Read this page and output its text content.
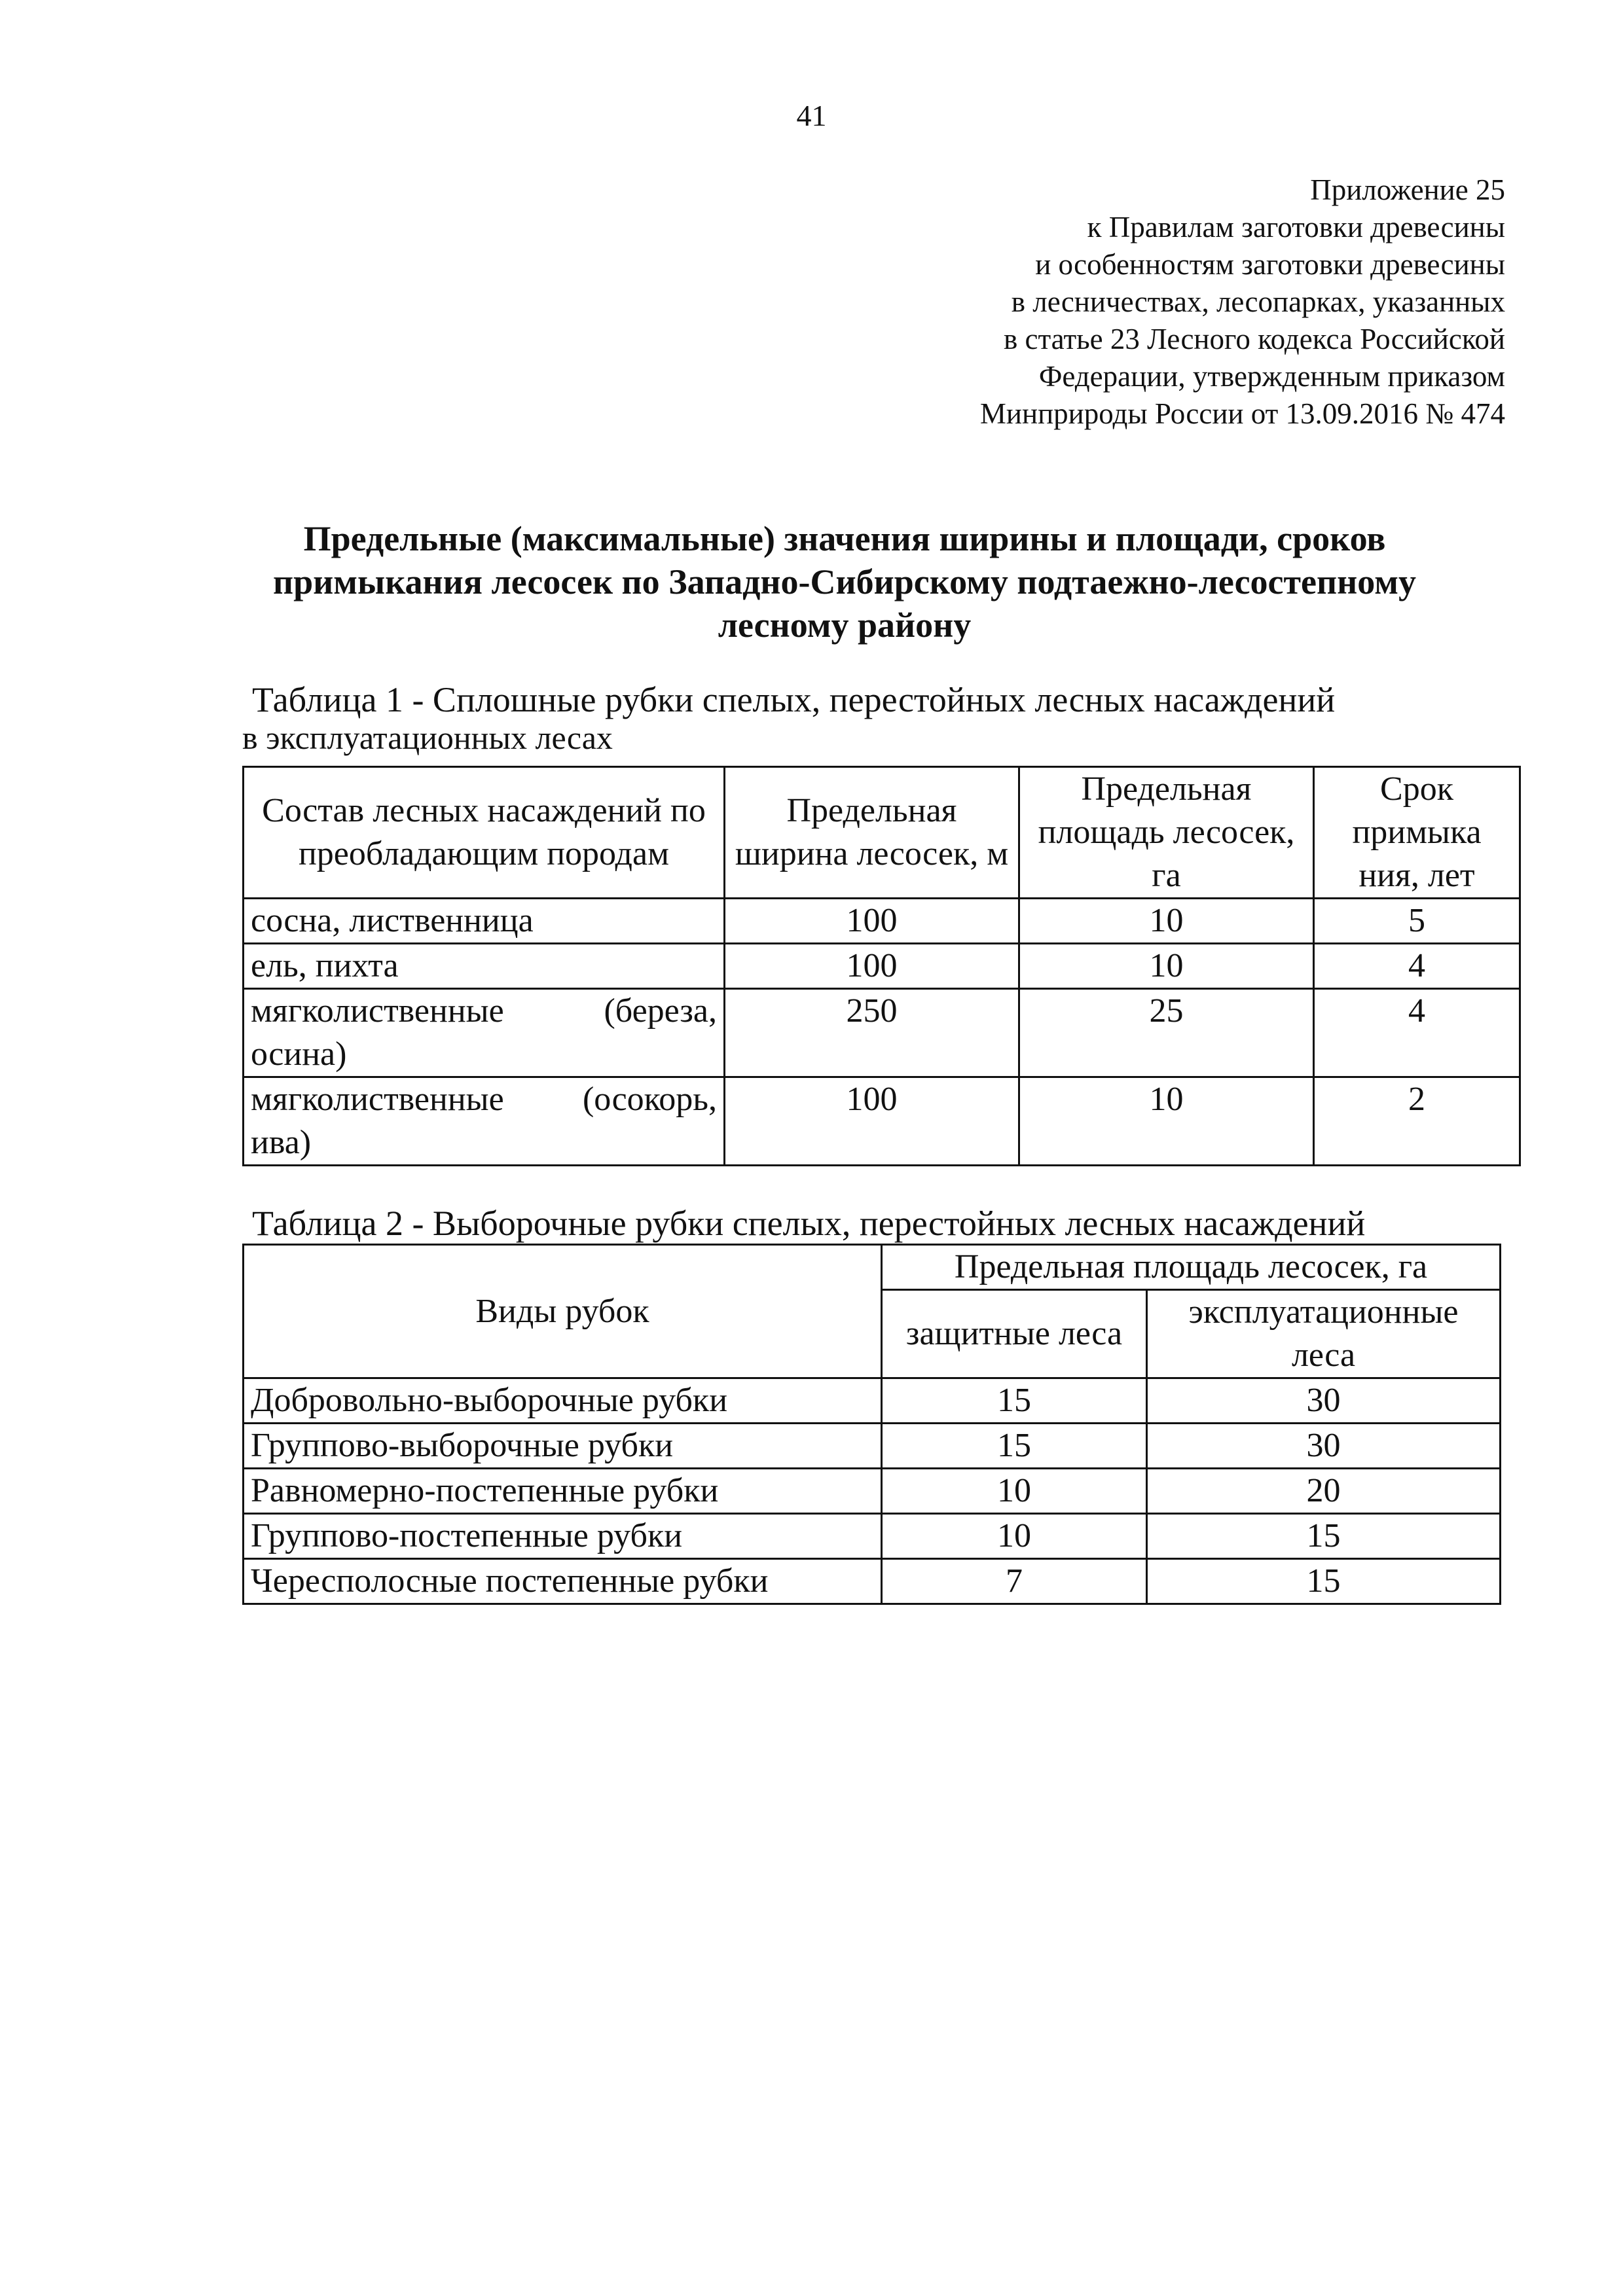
41
Приложение 25
к Правилам заготовки древесины
и особенностям заготовки древесины
в лесничествах, лесопарках, указанных
в статье 23 Лесного кодекса Российской
Федерации, утвержденным приказом
Минприроды России от 13.09.2016 № 474
Предельные (максимальные) значения ширины и площади, сроков
примыкания лесосек по Западно-Сибирскому подтаежно-лесостепному
лесному району
Таблица 1 - Сплошные рубки спелых, перестойных лесных насаждений
в эксплуатационных лесах
Состав лесных насаждений по преобладающим породам	Предельная ширина лесосек, м	Предельная площадь лесосек, га	Срок примыка ния, лет
сосна, лиственница	100	10	5
ель, пихта	100	10	4

мягколиственные (береза,
осина)	250	25	4

мягколиственные (осокорь,
ива)	100	10	2
Таблица 2 - Выборочные рубки спелых, перестойных лесных насаждений
Виды рубок	Предельная площадь лесосек, га	
	защитные леса	эксплуатационные леса
Добровольно-выборочные рубки	15	30
Группово-выборочные рубки	15	30
Равномерно-постепенные рубки	10	20
Группово-постепенные рубки	10	15
Чересполосные постепенные рубки	7	15
